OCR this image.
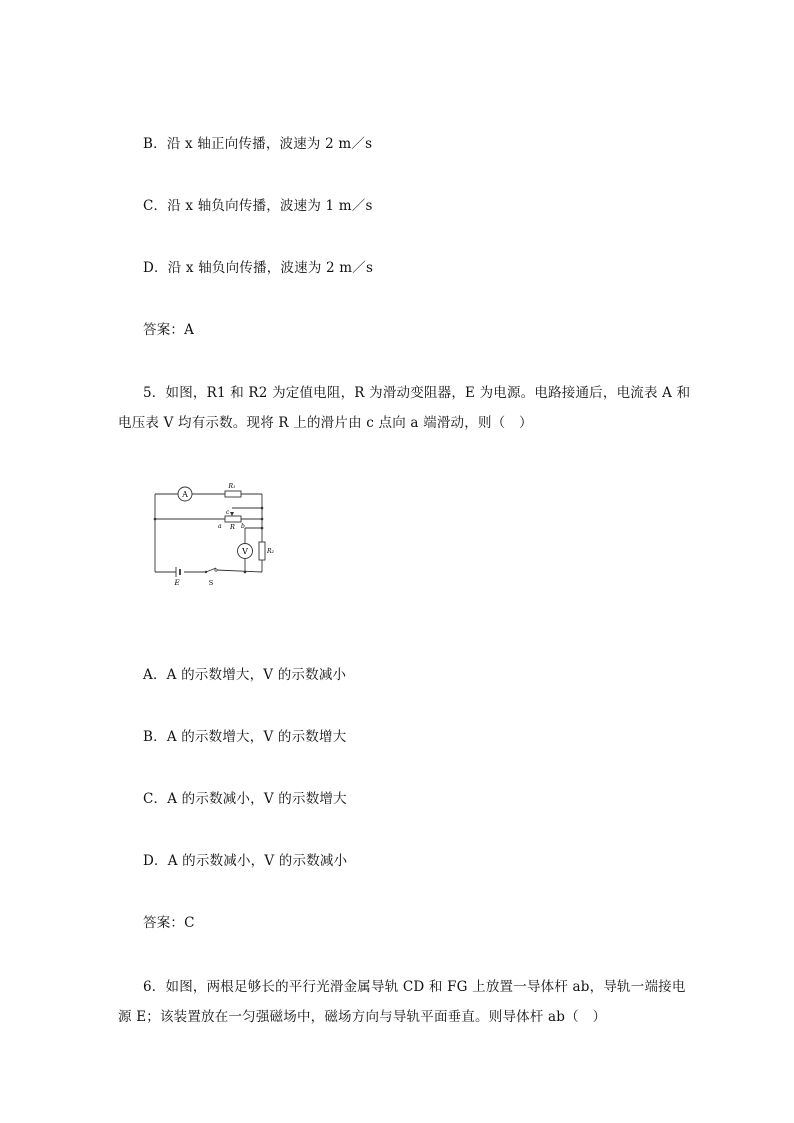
B．沿 x 轴正向传播，波速为 2 m／s
C．沿 x 轴负向传播，波速为 1 m／s
D．沿 x 轴负向传播，波速为 2 m／s
答案：A
5．如图，R1 和 R2 为定值电阻，R 为滑动变阻器，E 为电源。电路接通后，电流表 A 和
电压表 V 均有示数。现将 R 上的滑片由 c 点向 a 端滑动，则（　）
A
R₁
c
a R b
V	R₂
E	S
A．A 的示数增大，V 的示数减小
B．A 的示数增大，V 的示数增大
C．A 的示数减小，V 的示数增大
D．A 的示数减小，V 的示数减小
答案：C
6．如图，两根足够长的平行光滑金属导轨 CD 和 FG 上放置一导体杆 ab，导轨一端接电
源 E；该装置放在一匀强磁场中，磁场方向与导轨平面垂直。则导体杆 ab（　）
